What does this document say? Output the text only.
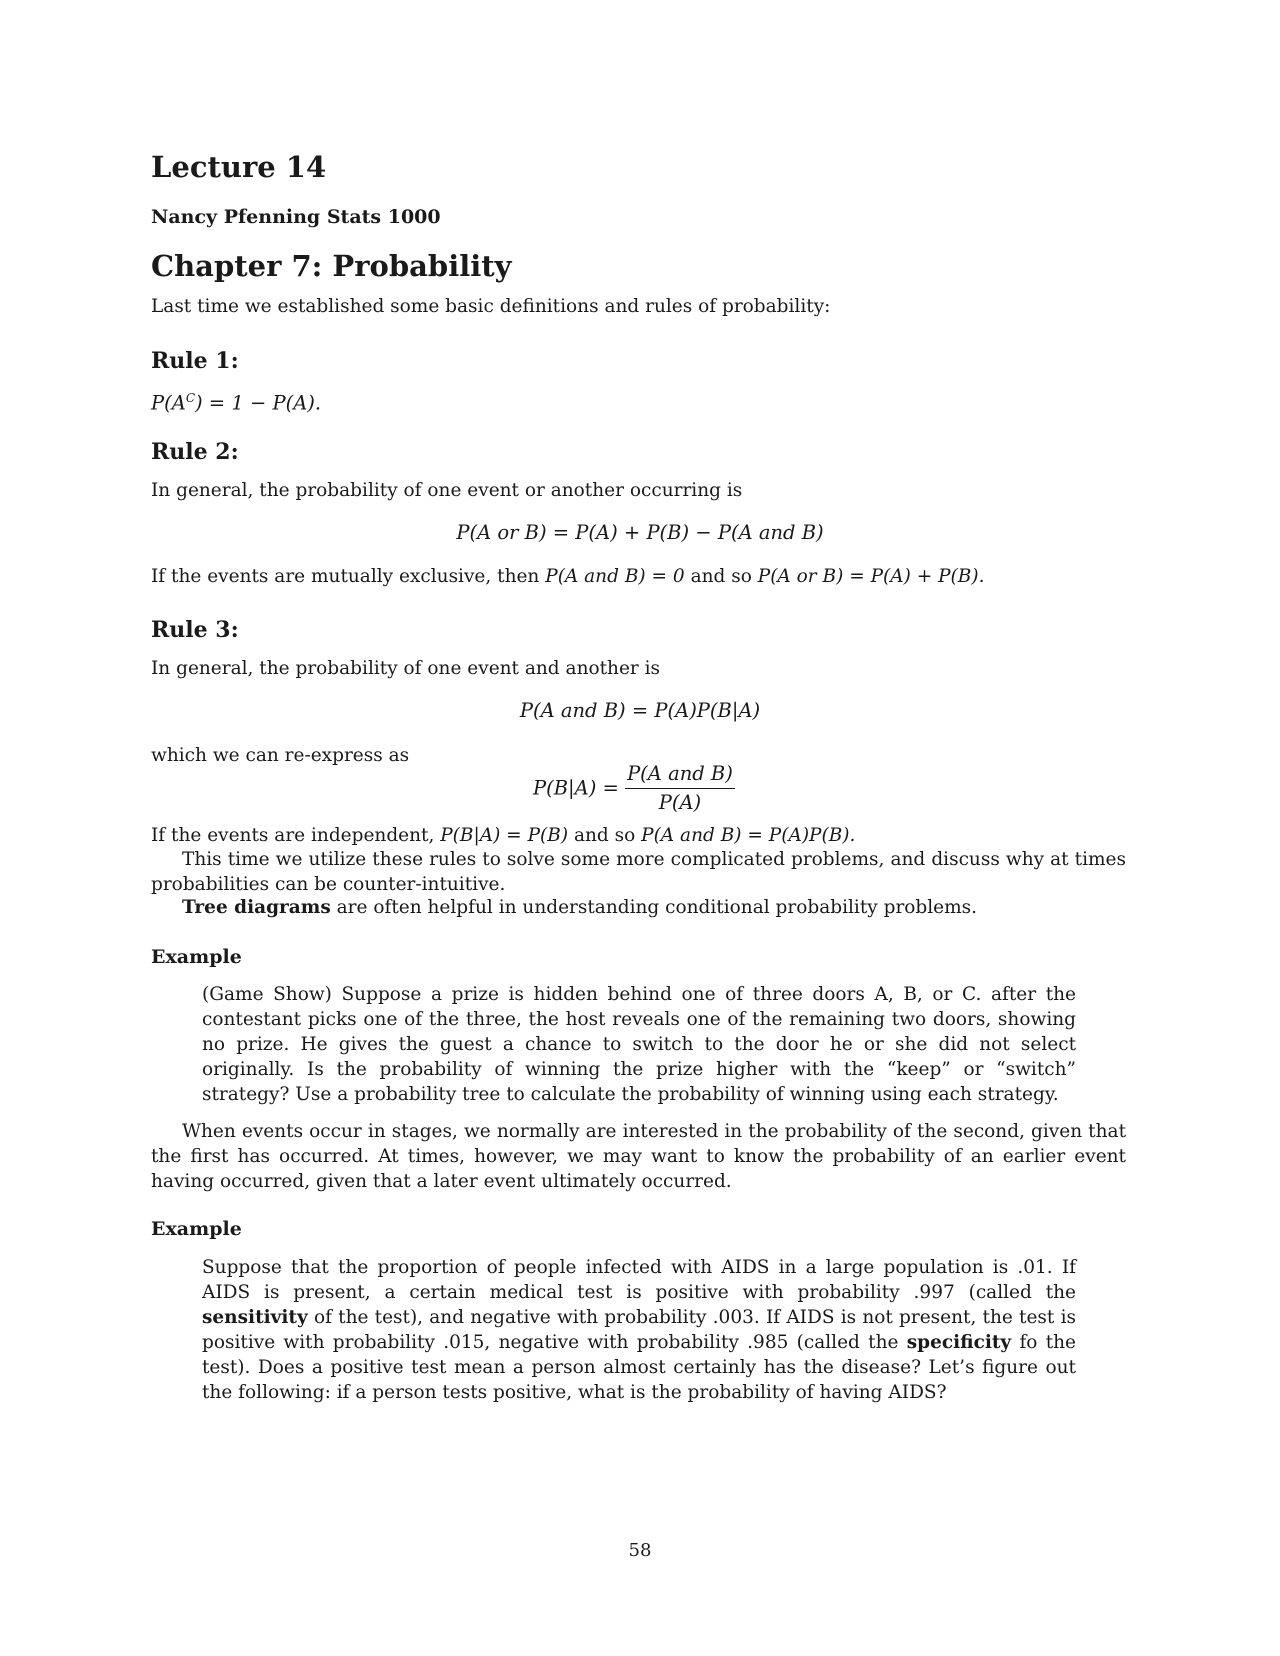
Lecture 14
Nancy Pfenning Stats 1000
Chapter 7: Probability

Last time we established some basic definitions and rules of probability:

Rule 1:
$P(A^C) = 1 - P(A)$.
Rule 2:

In general, the probability of one event or another occurring is

P(A or B) = P(A) + P(B) − P(A and B)

If the events are mutually exclusive, then P(A and B) = 0 and so P(A or B) = P(A) + P(B).

Rule 3:

In general, the probability of one event and another is

P(A and B) = P(A)P(B|A)

which we can re-express as

$P(B|A) = \frac{\text{P(A and B)}}{P(A)}$

If the events are independent, P(B|A) = P(B) and so P(A and B) = P(A)P(B).

This time we utilize these rules to solve some more complicated problems, and discuss why at times probabilities can be counter-intuitive.

Tree diagrams are often helpful in understanding conditional probability problems.

Example

(Game Show) Suppose a prize is hidden behind one of three doors A, B, or C. after the contestant picks one of the three, the host reveals one of the remaining two doors, showing no prize. He gives the guest a chance to switch to the door he or she did not select originally. Is the probability of winning the prize higher with the “keep” or “switch” strategy? Use a probability tree to calculate the probability of winning using each strategy.

When events occur in stages, we normally are interested in the probability of the second, given that the first has occurred. At times, however, we may want to know the probability of an earlier event having occurred, given that a later event ultimately occurred.

Example

Suppose that the proportion of people infected with AIDS in a large population is .01. If AIDS is present, a certain medical test is positive with probability .997 (called the sensitivity of the test), and negative with probability .003. If AIDS is not present, the test is positive with probability .015, negative with probability .985 (called the specificity fo the test). Does a positive test mean a person almost certainly has the disease? Let’s figure out the following: if a person tests positive, what is the probability of having AIDS?

58
